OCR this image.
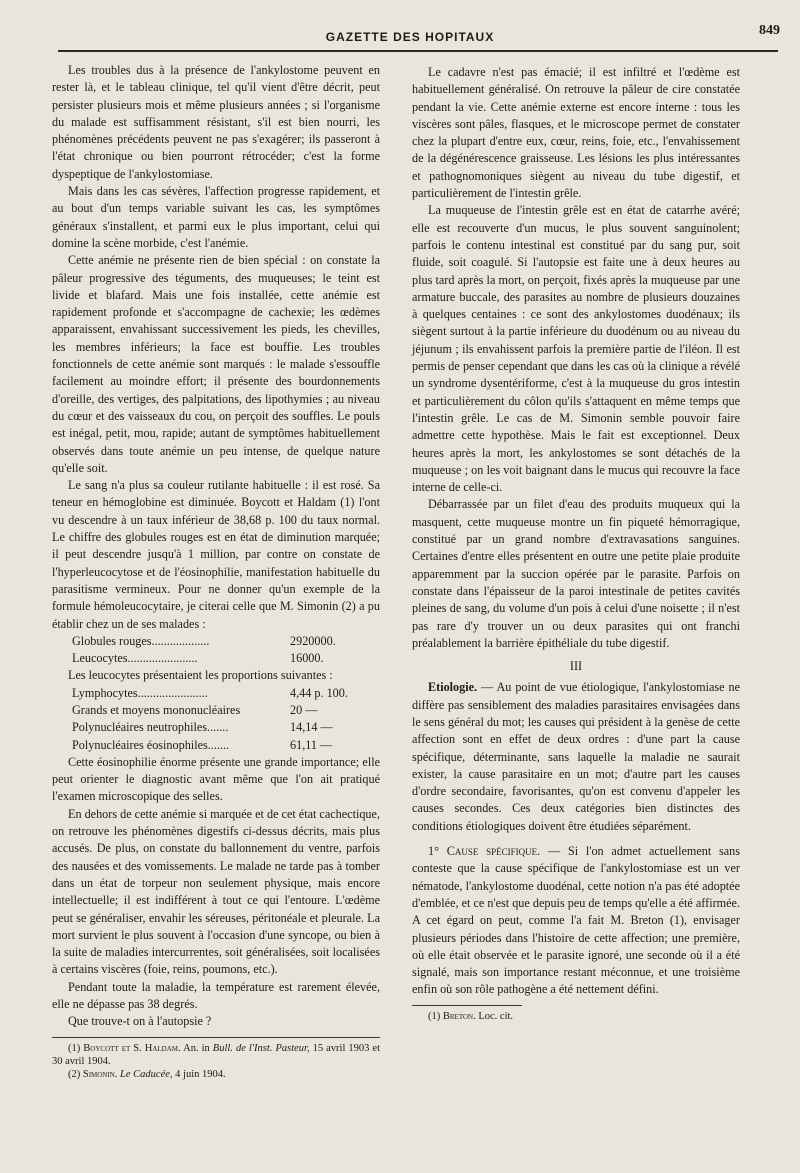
GAZETTE DES HOPITAUX	849

Les troubles dus à la présence de l'ankylostome peuvent en rester là, et le tableau clinique, tel qu'il vient d'être décrit, peut persister plusieurs mois et même plusieurs années ; si l'organisme du malade est suffisamment résistant, s'il est bien nourri, les phénomènes précédents peuvent ne pas s'exagérer; ils passeront à l'état chronique ou bien pourront rétrocéder; c'est la forme dyspeptique de l'ankylostomiase.

Mais dans les cas sévères, l'affection progresse rapidement, et au bout d'un temps variable suivant les cas, les symptômes généraux s'installent, et parmi eux le plus important, celui qui domine la scène morbide, c'est l'anémie.

Cette anémie ne présente rien de bien spécial : on constate la pâleur progressive des téguments, des muqueuses; le teint est livide et blafard. Mais une fois installée, cette anémie est rapidement profonde et s'accompagne de cachexie; les œdèmes apparaissent, envahissant successivement les pieds, les chevilles, les membres inférieurs; la face est bouffie. Les troubles fonctionnels de cette anémie sont marqués : le malade s'essouffle facilement au moindre effort; il présente des bourdonnements d'oreille, des vertiges, des palpitations, des lipothymies ; au niveau du cœur et des vaisseaux du cou, on perçoit des souffles. Le pouls est inégal, petit, mou, rapide; autant de symptômes habituellement observés dans toute anémie un peu intense, de quelque nature qu'elle soit.

Le sang n'a plus sa couleur rutilante habituelle : il est rosé. Sa teneur en hémoglobine est diminuée. Boycott et Haldam (1) l'ont vu descendre à un taux inférieur de 38,68 p. 100 du taux normal. Le chiffre des globules rouges est en état de diminution marquée; il peut descendre jusqu'à 1 million, par contre on constate de l'hyperleucocytose et de l'éosinophilie, manifestation habituelle du parasitisme vermineux. Pour ne donner qu'un exemple de la formule hémoleucocytaire, je citerai celle que M. Simonin (2) a pu établir chez un de ses malades :

Globules rouges...................	2920000.
Leucocytes.......................	16000.

Les leucocytes présentaient les proportions suivantes :

Lymphocytes.......................	4,44 p. 100.
Grands et moyens mononucléaires	20 —
Polynucléaires neutrophiles.......	14,14 —
Polynucléaires éosinophiles.......	61,11 —

Cette éosinophilie énorme présente une grande importance; elle peut orienter le diagnostic avant même que l'on ait pratiqué l'examen microscopique des selles.

En dehors de cette anémie si marquée et de cet état cachectique, on retrouve les phénomènes digestifs ci-dessus décrits, mais plus accusés. De plus, on constate du ballonnement du ventre, parfois des nausées et des vomissements. Le malade ne tarde pas à tomber dans un état de torpeur non seulement physique, mais encore intellectuelle; il est indifférent à tout ce qui l'entoure. L'œdème peut se généraliser, envahir les séreuses, péritonéale et pleurale. La mort survient le plus souvent à l'occasion d'une syncope, ou bien à la suite de maladies intercurrentes, soit généralisées, soit localisées à certains viscères (foie, reins, poumons, etc.).

Pendant toute la maladie, la température est rarement élevée, elle ne dépasse pas 38 degrés.

Que trouve-t on à l'autopsie ?

(1) Boycott et S. Haldam. An. in Bull. de l'Inst. Pasteur, 15 avril 1903 et 30 avril 1904.

(2) Simonin. Le Caducée, 4 juin 1904.

Le cadavre n'est pas émacié; il est infiltré et l'œdème est habituellement généralisé. On retrouve la pâleur de cire constatée pendant la vie. Cette anémie externe est encore interne : tous les viscères sont pâles, flasques, et le microscope permet de constater chez la plupart d'entre eux, cœur, reins, foie, etc., l'envahissement de la dégénérescence graisseuse. Les lésions les plus intéressantes et pathognomoniques siègent au niveau du tube digestif, et particulièrement de l'intestin grêle.

La muqueuse de l'intestin grêle est en état de catarrhe avéré; elle est recouverte d'un mucus, le plus souvent sanguinolent; parfois le contenu intestinal est constitué par du sang pur, soit fluide, soit coagulé. Si l'autopsie est faite une à deux heures au plus tard après la mort, on perçoit, fixés après la muqueuse par une armature buccale, des parasites au nombre de plusieurs douzaines à quelques centaines : ce sont des ankylostomes duodénaux; ils siègent surtout à la partie inférieure du duodénum ou au niveau du jéjunum ; ils envahissent parfois la première partie de l'iléon. Il est permis de penser cependant que dans les cas où la clinique a révélé un syndrome dysentériforme, c'est à la muqueuse du gros intestin et particulièrement du côlon qu'ils s'attaquent en même temps que l'intestin grêle. Le cas de M. Simonin semble pouvoir faire admettre cette hypothèse. Mais le fait est exceptionnel. Deux heures après la mort, les ankylostomes se sont détachés de la muqueuse ; on les voit baignant dans le mucus qui recouvre la face interne de celle-ci.

Débarrassée par un filet d'eau des produits muqueux qui la masquent, cette muqueuse montre un fin piqueté hémorragique, constitué par un grand nombre d'extravasations sanguines. Certaines d'entre elles présentent en outre une petite plaie produite apparemment par la succion opérée par le parasite. Parfois on constate dans l'épaisseur de la paroi intestinale de petites cavités pleines de sang, du volume d'un pois à celui d'une noisette ; il n'est pas rare d'y trouver un ou deux parasites qui ont franchi préalablement la barrière épithéliale du tube digestif.

III

Etiologie. — Au point de vue étiologique, l'ankylostomiase ne diffère pas sensiblement des maladies parasitaires envisagées dans le sens général du mot; les causes qui président à la genèse de cette affection sont en effet de deux ordres : d'une part la cause spécifique, déterminante, sans laquelle la maladie ne saurait exister, la cause parasitaire en un mot; d'autre part les causes d'ordre secondaire, favorisantes, qu'on est convenu d'appeler les causes secondes. Ces deux catégories bien distinctes des conditions étiologiques doivent être étudiées séparément.

1° Cause spécifique. — Si l'on admet actuellement sans conteste que la cause spécifique de l'ankylostomiase est un ver nématode, l'ankylostome duodénal, cette notion n'a pas été adoptée d'emblée, et ce n'est que depuis peu de temps qu'elle a été affirmée. A cet égard on peut, comme l'a fait M. Breton (1), envisager plusieurs périodes dans l'histoire de cette affection; une première, où elle était observée et le parasite ignoré, une seconde où il a été signalé, mais son importance restant méconnue, et une troisième enfin où son rôle pathogène a été nettement défini.

(1) Breton. Loc. cit.
